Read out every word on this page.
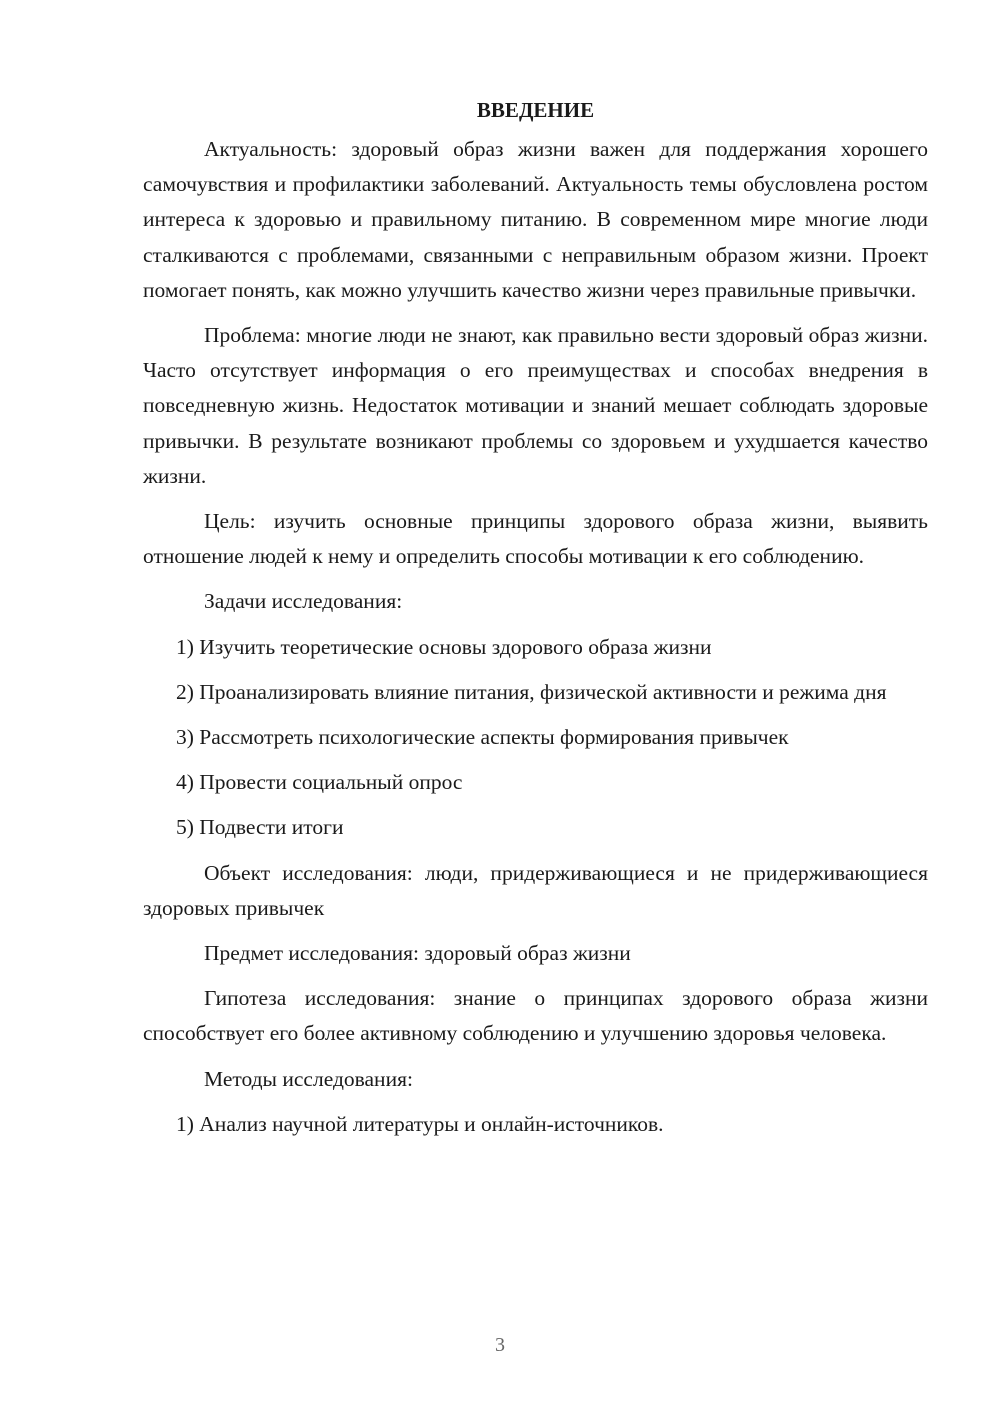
ВВЕДЕНИЕ

Актуальность: здоровый образ жизни важен для поддержания хорошего самочувствия и профилактики заболеваний. Актуальность темы обусловлена ростом интереса к здоровью и правильному питанию. В современном мире многие люди сталкиваются с проблемами, связанными с неправильным образом жизни. Проект помогает понять, как можно улучшить качество жизни через правильные привычки.

Проблема: многие люди не знают, как правильно вести здоровый образ жизни. Часто отсутствует информация о его преимуществах и способах внедрения в повседневную жизнь. Недостаток мотивации и знаний мешает соблюдать здоровые привычки. В результате возникают проблемы со здоровьем и ухудшается качество жизни.

Цель: изучить основные принципы здорового образа жизни, выявить отношение людей к нему и определить способы мотивации к его соблюдению.

Задачи исследования:

1) Изучить теоретические основы здорового образа жизни

2) Проанализировать влияние питания, физической активности и режима дня

3) Рассмотреть психологические аспекты формирования привычек

4) Провести социальный опрос

5) Подвести итоги

Объект исследования: люди, придерживающиеся и не придерживающиеся здоровых привычек

Предмет исследования: здоровый образ жизни

Гипотеза исследования: знание о принципах здорового образа жизни способствует его более активному соблюдению и улучшению здоровья человека.

Методы исследования:

1) Анализ научной литературы и онлайн-источников.

3
